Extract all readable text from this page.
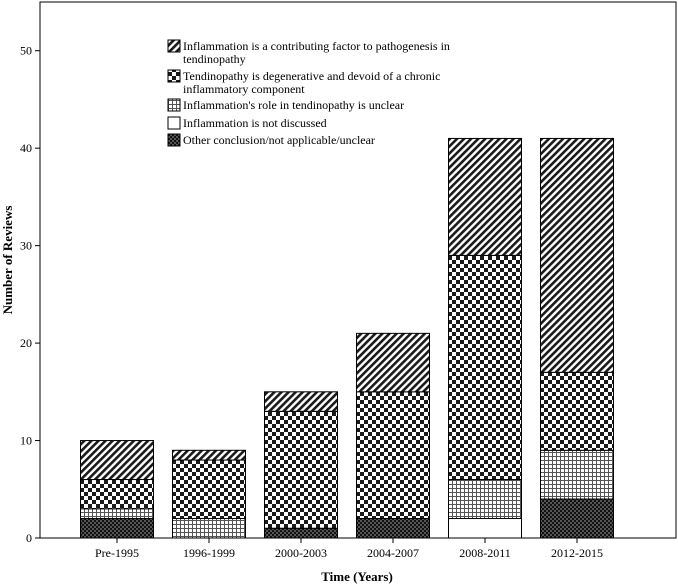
0
10
20
30
40
50
Pre-1995	1996-1999	2000-2003	2004-2007	2008-2011	2012-2015
Inflammation is a contributing factor to pathogenesis in
tendinopathy
Tendinopathy is degenerative and devoid of a chronic
inflammatory component
Inflammation's role in tendinopathy is unclear
Inflammation is not discussed
Other conclusion/not applicable/unclear
Number of Reviews
Time (Years)
